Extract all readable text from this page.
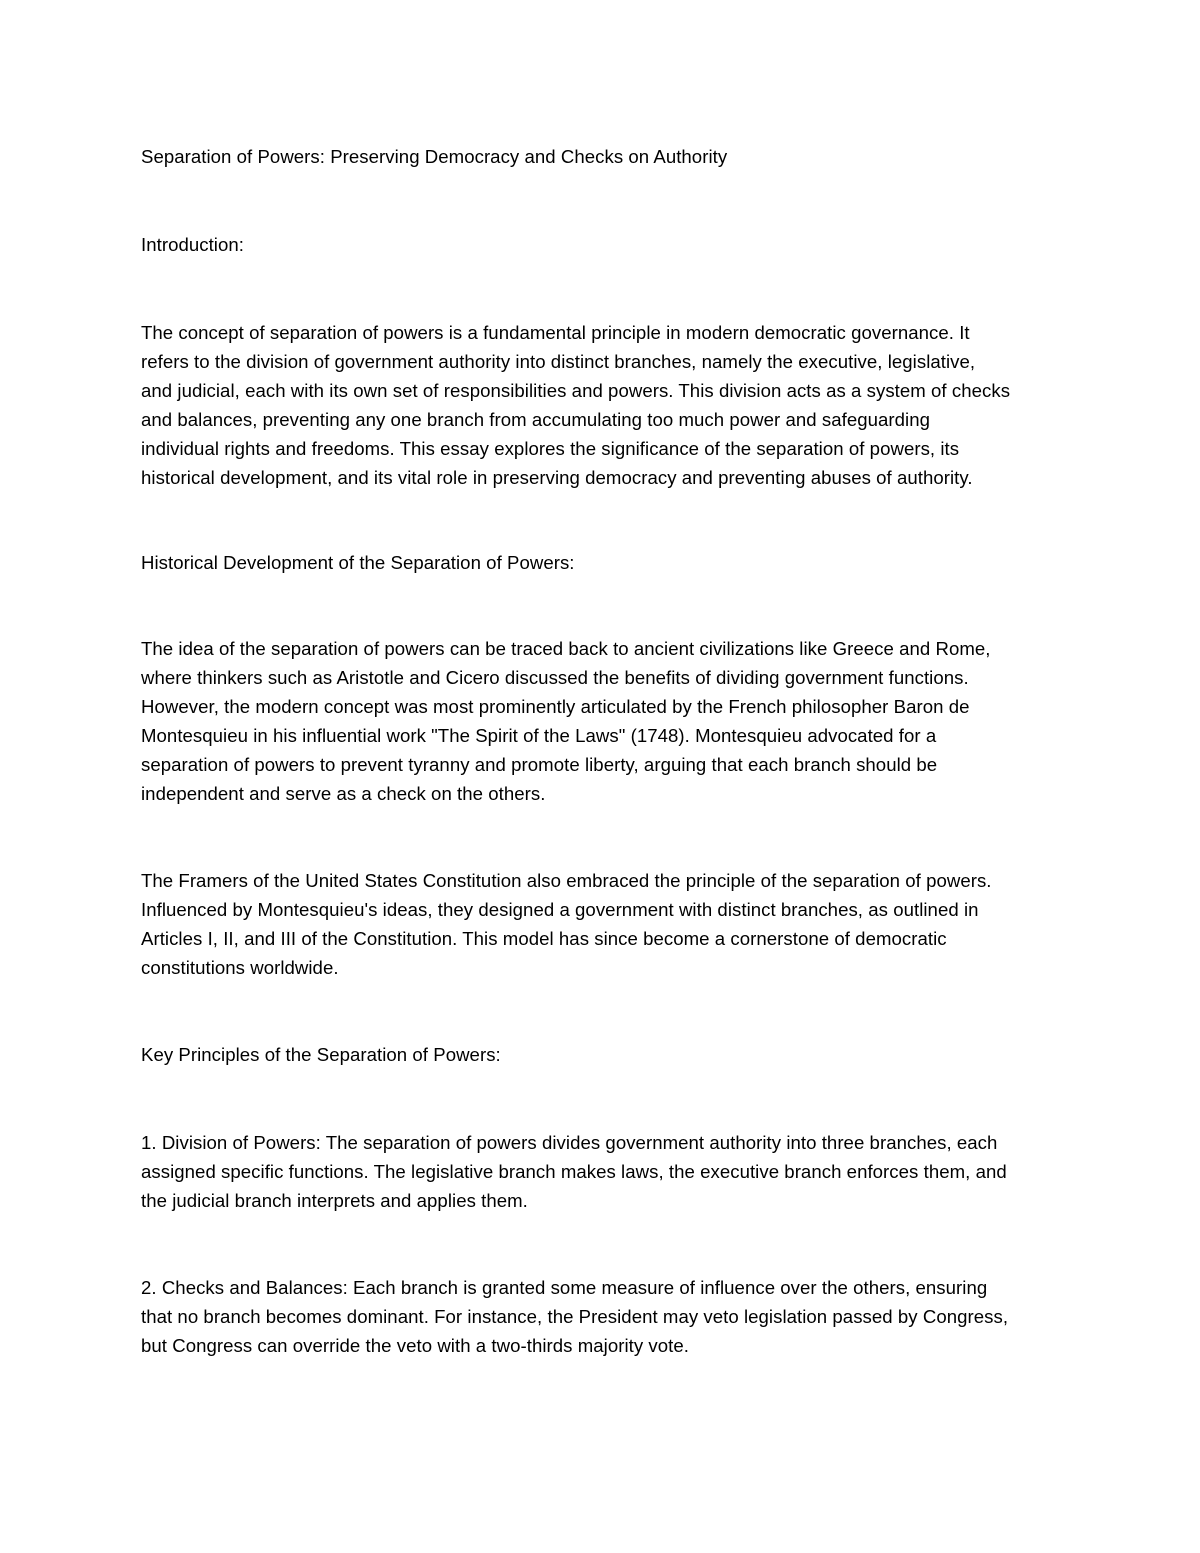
Separation of Powers: Preserving Democracy and Checks on Authority

Introduction:

The concept of separation of powers is a fundamental principle in modern democratic governance. It
refers to the division of government authority into distinct branches, namely the executive, legislative,
and judicial, each with its own set of responsibilities and powers. This division acts as a system of checks
and balances, preventing any one branch from accumulating too much power and safeguarding
individual rights and freedoms. This essay explores the significance of the separation of powers, its
historical development, and its vital role in preserving democracy and preventing abuses of authority.

Historical Development of the Separation of Powers:

The idea of the separation of powers can be traced back to ancient civilizations like Greece and Rome,
where thinkers such as Aristotle and Cicero discussed the benefits of dividing government functions.
However, the modern concept was most prominently articulated by the French philosopher Baron de
Montesquieu in his influential work "The Spirit of the Laws" (1748). Montesquieu advocated for a
separation of powers to prevent tyranny and promote liberty, arguing that each branch should be
independent and serve as a check on the others.

The Framers of the United States Constitution also embraced the principle of the separation of powers.
Influenced by Montesquieu's ideas, they designed a government with distinct branches, as outlined in
Articles I, II, and III of the Constitution. This model has since become a cornerstone of democratic
constitutions worldwide.

Key Principles of the Separation of Powers:

1. Division of Powers: The separation of powers divides government authority into three branches, each
assigned specific functions. The legislative branch makes laws, the executive branch enforces them, and
the judicial branch interprets and applies them.

2. Checks and Balances: Each branch is granted some measure of influence over the others, ensuring
that no branch becomes dominant. For instance, the President may veto legislation passed by Congress,
but Congress can override the veto with a two-thirds majority vote.
